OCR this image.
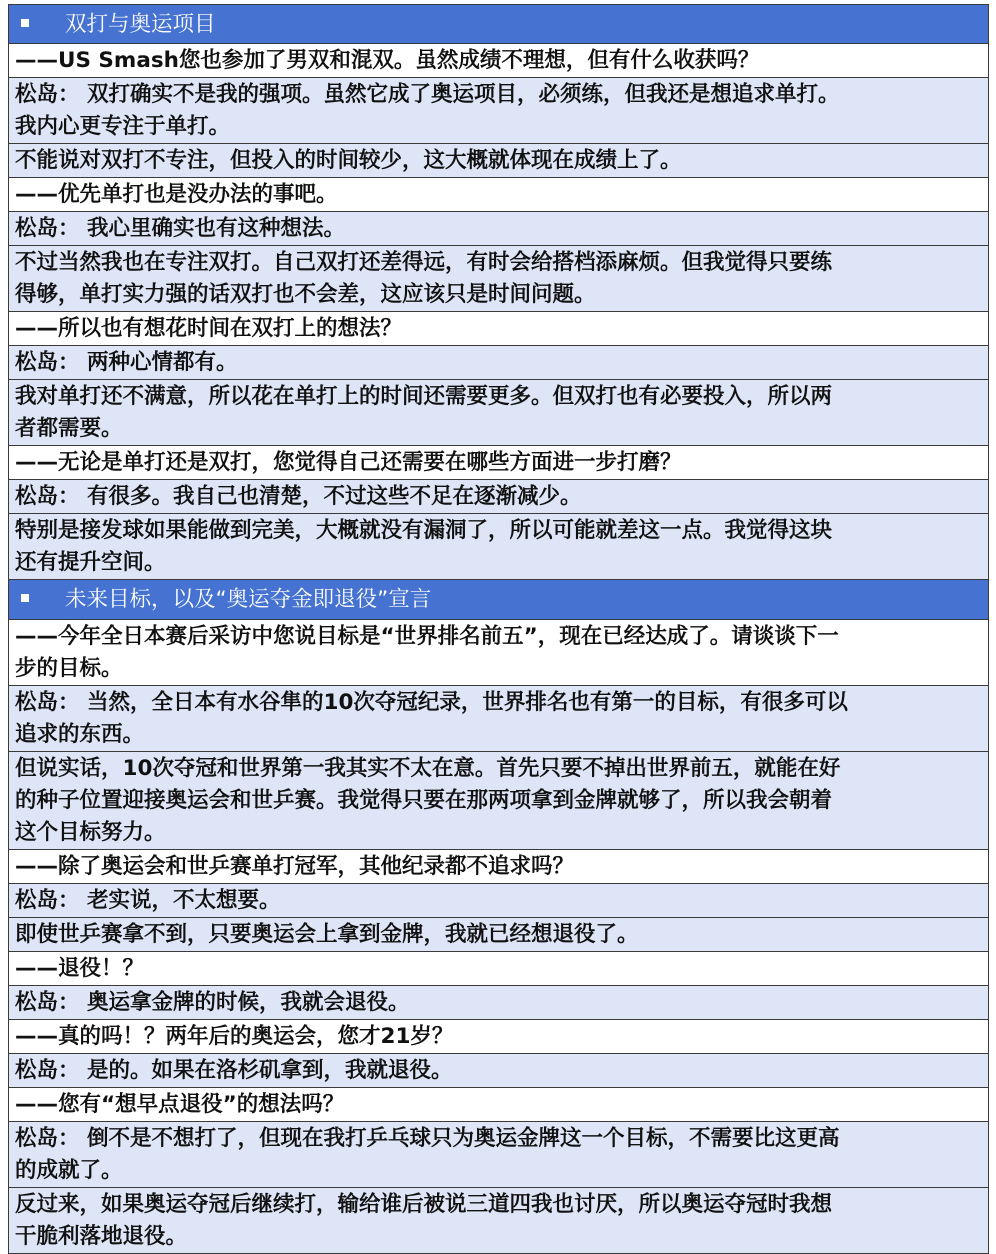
双打与奥运项目
——US Smash您也参加了男双和混双。虽然成绩不理想，但有什么收获吗？
松岛： 双打确实不是我的强项。虽然它成了奥运项目，必须练，但我还是想追求单打。
我内心更专注于单打。
不能说对双打不专注，但投入的时间较少，这大概就体现在成绩上了。
——优先单打也是没办法的事吧。
松岛： 我心里确实也有这种想法。
不过当然我也在专注双打。自己双打还差得远，有时会给搭档添麻烦。但我觉得只要练
得够，单打实力强的话双打也不会差，这应该只是时间问题。
——所以也有想花时间在双打上的想法？
松岛： 两种心情都有。
我对单打还不满意，所以花在单打上的时间还需要更多。但双打也有必要投入，所以两
者都需要。
——无论是单打还是双打，您觉得自己还需要在哪些方面进一步打磨？
松岛： 有很多。我自己也清楚，不过这些不足在逐渐减少。
特别是接发球如果能做到完美，大概就没有漏洞了，所以可能就差这一点。我觉得这块
还有提升空间。
未来目标，以及“奥运夺金即退役”宣言
——今年全日本赛后采访中您说目标是“世界排名前五”，现在已经达成了。请谈谈下一
步的目标。
松岛： 当然，全日本有水谷隼的10次夺冠纪录，世界排名也有第一的目标，有很多可以
追求的东西。
但说实话，10次夺冠和世界第一我其实不太在意。首先只要不掉出世界前五，就能在好
的种子位置迎接奥运会和世乒赛。我觉得只要在那两项拿到金牌就够了，所以我会朝着
这个目标努力。
——除了奥运会和世乒赛单打冠军，其他纪录都不追求吗？
松岛： 老实说，不太想要。
即使世乒赛拿不到，只要奥运会上拿到金牌，我就已经想退役了。
——退役！？
松岛： 奥运拿金牌的时候，我就会退役。
——真的吗！？两年后的奥运会，您才21岁？
松岛： 是的。如果在洛杉矶拿到，我就退役。
——您有“想早点退役”的想法吗？
松岛： 倒不是不想打了，但现在我打乒乓球只为奥运金牌这一个目标，不需要比这更高
的成就了。
反过来，如果奥运夺冠后继续打，输给谁后被说三道四我也讨厌，所以奥运夺冠时我想
干脆利落地退役。
